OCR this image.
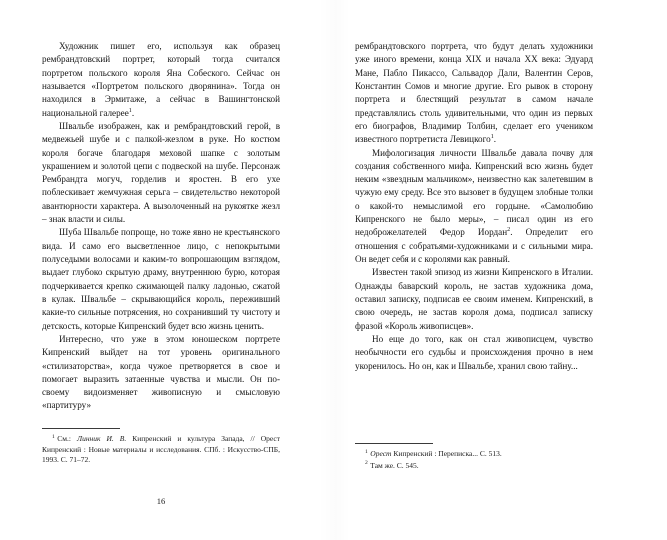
Художник пишет его, используя как образец рембрандтовский портрет, который тогда считался портретом польского короля Яна Собеского. Сейчас он называется «Портретом польского дворянина». Тогда он находился в Эрмитаже, а сейчас в Вашингтонской национальной галерее$^1$.

Швальбе изображен, как и рембрандтовский герой, в медвежьей шубе и с палкой-жезлом в руке. Но костюм короля богаче благодаря меховой шапке с золотым украшением и золотой цепи с подвеской на шубе. Персонаж Рембрандта могуч, горделив и яростен. В его ухе поблескивает жемчужная серьга – свидетельство некоторой авантюрности характера. А вызолоченный на рукоятке жезл – знак власти и силы.

Шуба Швальбе попроще, но тоже явно не крестьянского вида. И само его высветленное лицо, с непокрытыми полуседыми волосами и каким-то вопрошающим взглядом, выдает глубоко скрытую драму, внутреннюю бурю, которая подчеркивается крепко сжимающей палку ладонью, сжатой в кулак. Швальбе – скрывающийся король, переживший какие-то сильные потрясения, но сохранивший ту чистоту и детскость, которые Кипренский будет всю жизнь ценить.

Интересно, что уже в этом юношеском портрете Кипренский выйдет на тот уровень оригинального «стилизаторства», когда чужое претворяется в свое и помогает выразить затаенные чувства и мысли. Он по-своему видоизменяет живописную и смысловую «партитуру»

$^1$ См.: Линник И. В. Кипренский и культура Запада, // Орест Кипренский : Новые материалы и исследования. СПб. : Искусство-СПБ, 1993. С. 71–72.

16

рембрандтовского портрета, что будут делать художники уже иного времени, конца XIX и начала XX века: Эдуард Мане, Пабло Пикассо, Сальвадор Дали, Валентин Серов, Константин Сомов и многие другие. Его рывок в сторону портрета и блестящий результат в самом начале представлялись столь удивительными, что один из первых его биографов, Владимир Толбин, сделает его учеником известного портретиста Левицкого$^1$.

Мифологизация личности Швальбе давала почву для создания собственного мифа. Кипренский всю жизнь будет неким «звездным мальчиком», неизвестно как залетевшим в чужую ему среду. Все это вызовет в будущем злобные толки о какой-то немыслимой его гордыне. «Самолюбию Кипренского не было меры», – писал один из его недоброжелателей Федор Иордан$^2$. Определит его отношения с собратьями-художниками и с сильными мира. Он ведет себя и с королями как равный.

Известен такой эпизод из жизни Кипренского в Италии. Однажды баварский король, не застав художника дома, оставил записку, подписав ее своим именем. Кипренский, в свою очередь, не застав короля дома, подписал записку фразой «Король живописцев».

Но еще до того, как он стал живописцем, чувство необычности его судьбы и происхождения прочно в нем укоренилось. Но он, как и Швальбе, хранил свою тайну...

$^1$ Орест Кипренский : Переписка... С. 513.

$^2$ Там же. С. 545.
